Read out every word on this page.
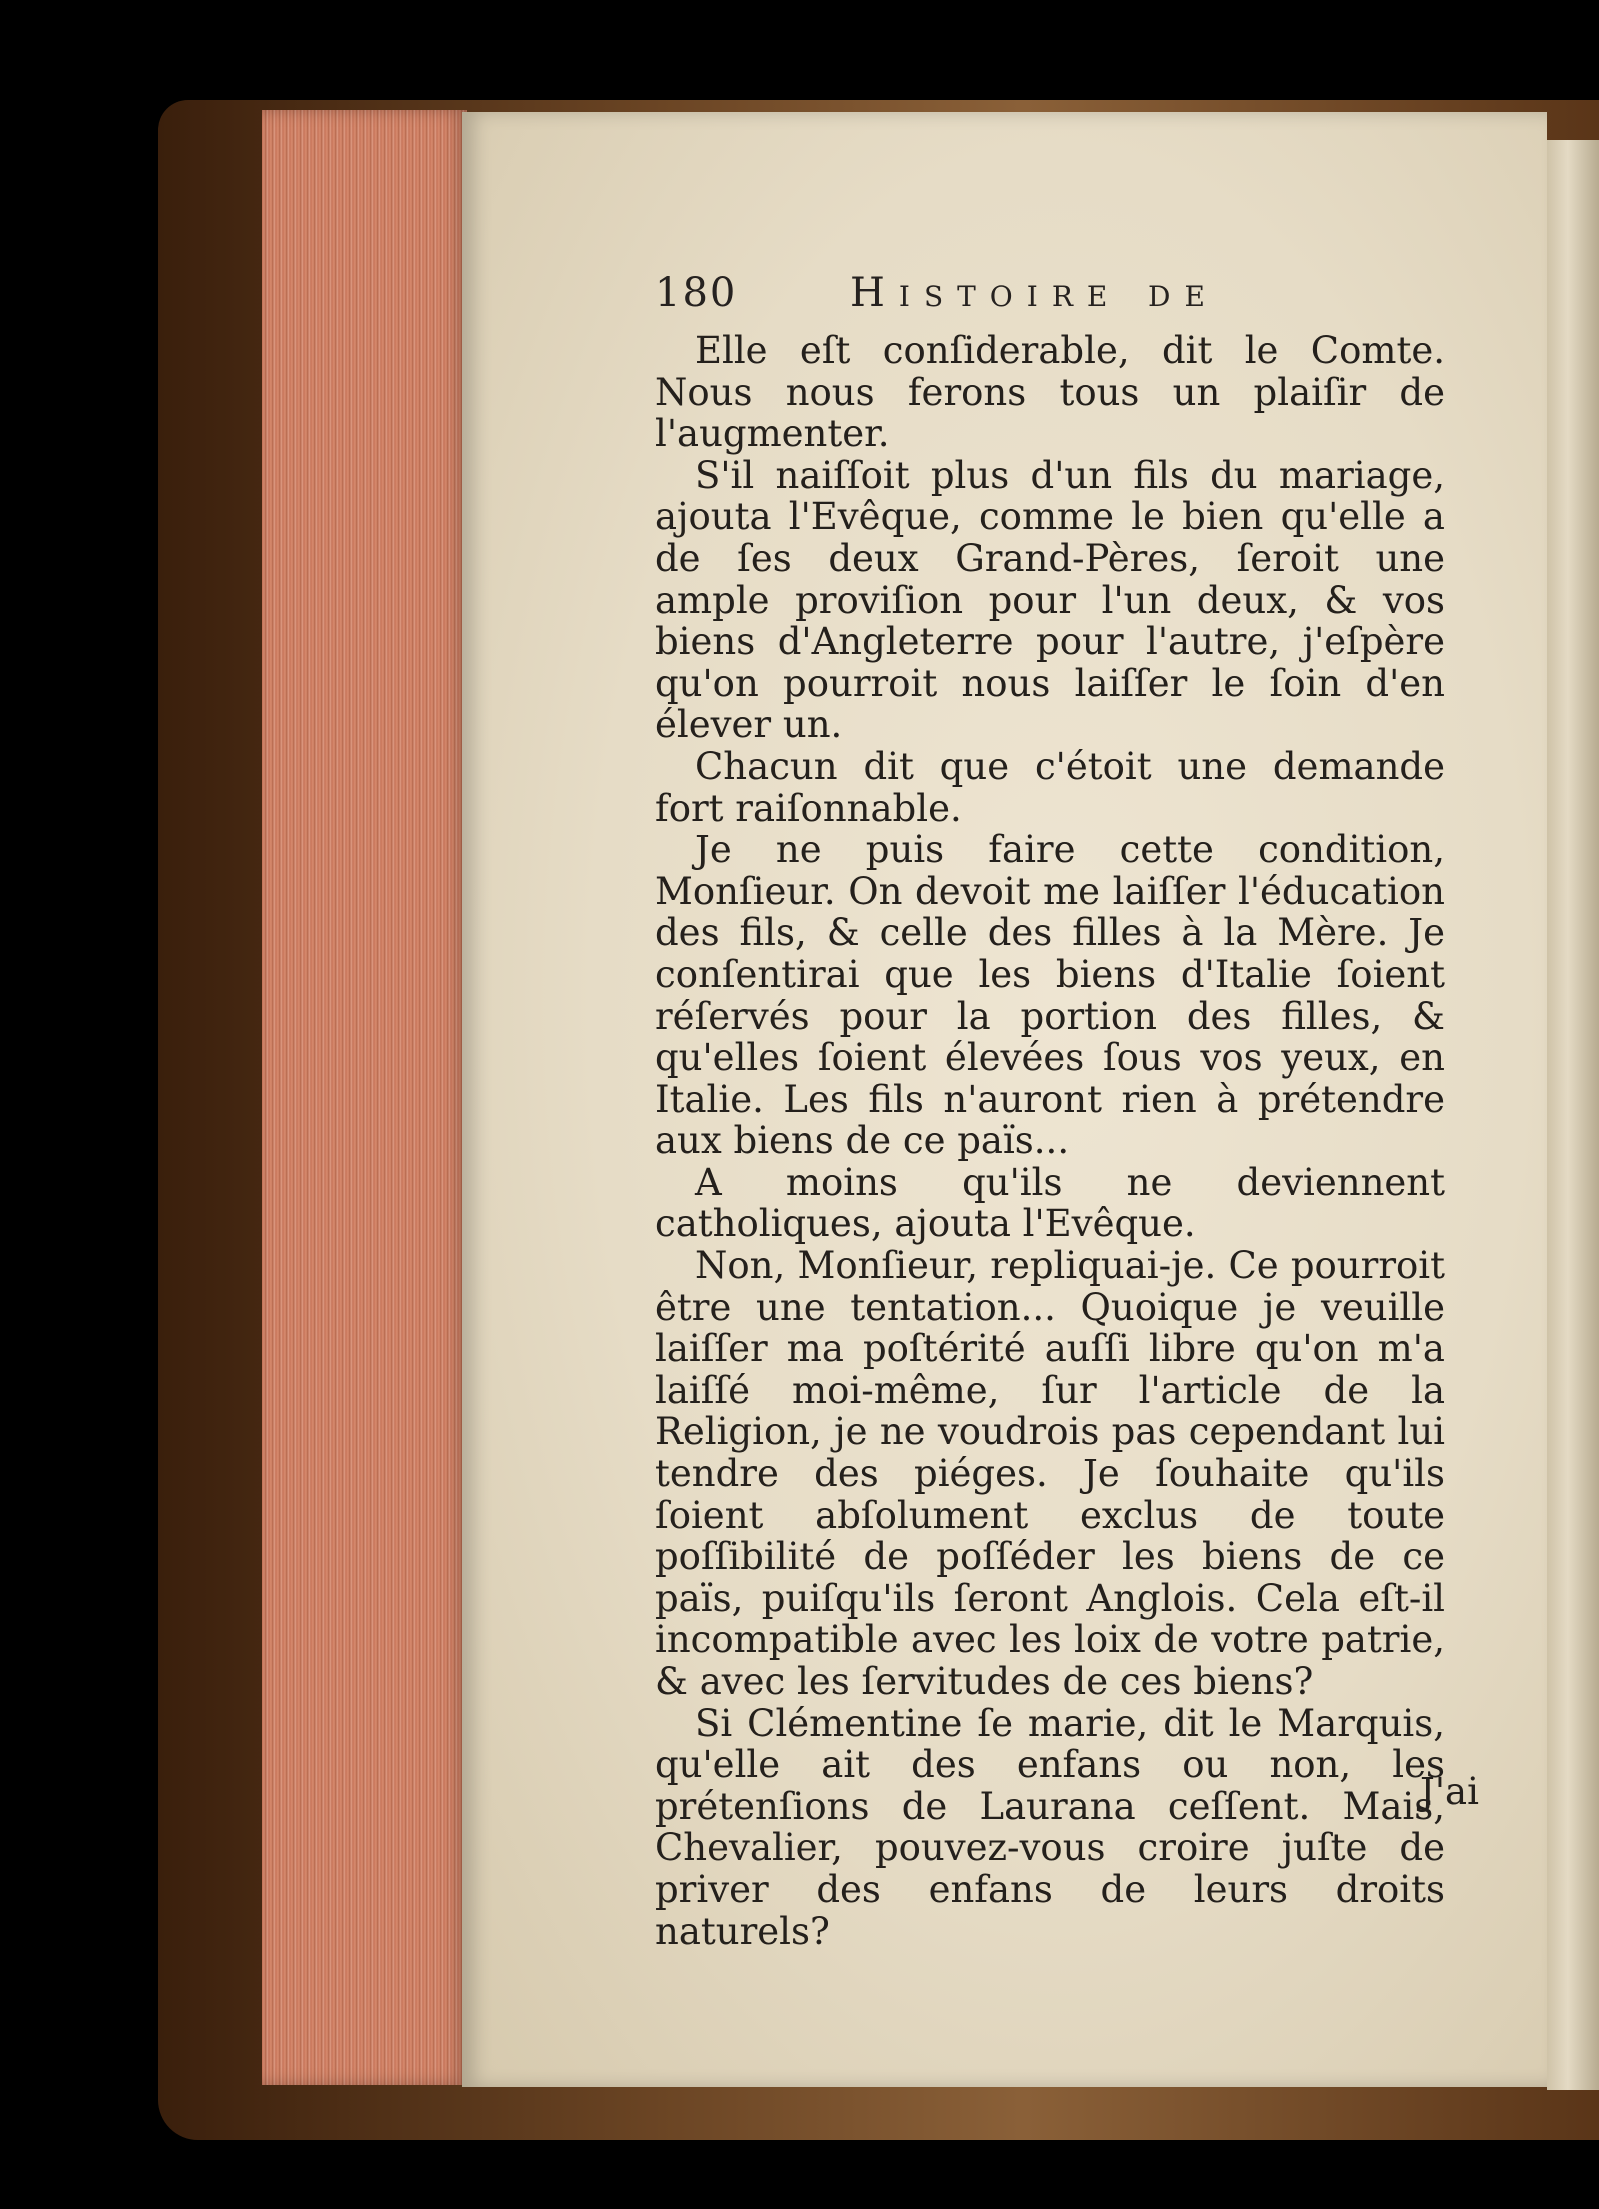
180	Histoire de

Elle eſt conſiderable, dit le Comte. Nous nous ferons tous un plaiſir de l'augmenter.

S'il naiſſoit plus d'un fils du mariage, ajouta l'Evêque, comme le bien qu'elle a de ſes deux Grand-Pères, ſeroit une ample proviſion pour l'un deux, & vos biens d'Angleterre pour l'autre, j'eſpère qu'on pourroit nous laiſſer le ſoin d'en élever un.

Chacun dit que c'étoit une demande fort raiſonnable.

Je ne puis faire cette condition, Monſieur. On devoit me laiſſer l'éducation des fils, & celle des filles à la Mère. Je conſentirai que les biens d'Italie ſoient réſervés pour la portion des filles, & qu'elles ſoient élevées ſous vos yeux, en Italie. Les fils n'auront rien à prétendre aux biens de ce païs...

A moins qu'ils ne deviennent catholiques, ajouta l'Evêque.

Non, Monſieur, repliquai-je. Ce pourroit être une tentation... Quoique je veuille laiſſer ma poſtérité auſſi libre qu'on m'a laiſſé moi-même, ſur l'article de la Religion, je ne voudrois pas cependant lui tendre des piéges. Je ſouhaite qu'ils ſoient abſolument exclus de toute poſſibilité de poſſéder les biens de ce païs, puiſqu'ils ſeront Anglois. Cela eſt-il incompatible avec les loix de votre patrie, & avec les ſervitudes de ces biens?

Si Clémentine ſe marie, dit le Marquis, qu'elle ait des enfans ou non, les prétenſions de Laurana ceſſent. Mais, Chevalier, pouvez-vous croire juſte de priver des enfans de leurs droits naturels?

J'ai
